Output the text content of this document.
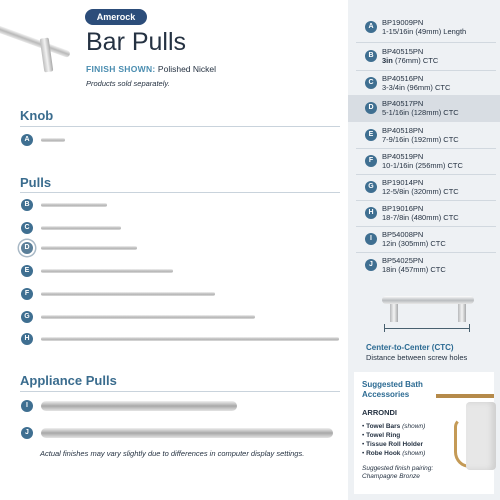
Amerock
Bar Pulls
FINISH SHOWN: Polished Nickel
Products sold separately.
Knob
A
Pulls
B
C
D
E
F
G
H
Appliance Pulls
I
J
Actual finishes may vary slightly due to differences in computer display settings.
A	BP19009PN
1-15/16in (49mm) Length
B	BP40515PN
3in (76mm) CTC
C	BP40516PN
3-3/4in (96mm) CTC
D	BP40517PN
5-1/16in (128mm) CTC
E	BP40518PN
7-9/16in (192mm) CTC
F	BP40519PN
10-1/16in (256mm) CTC
G	BP19014PN
12-5/8in (320mm) CTC
H	BP19016PN
18-7/8in (480mm) CTC
I	BP54008PN
12in (305mm) CTC
J	BP54025PN
18in (457mm) CTC
Center-to-Center (CTC)
Distance between screw holes
Suggested Bath Accessories
ARRONDI
• Towel Bars (shown)
• Towel Ring
• Tissue Roll Holder
• Robe Hook (shown)
Suggested finish pairing:
Champagne Bronze
